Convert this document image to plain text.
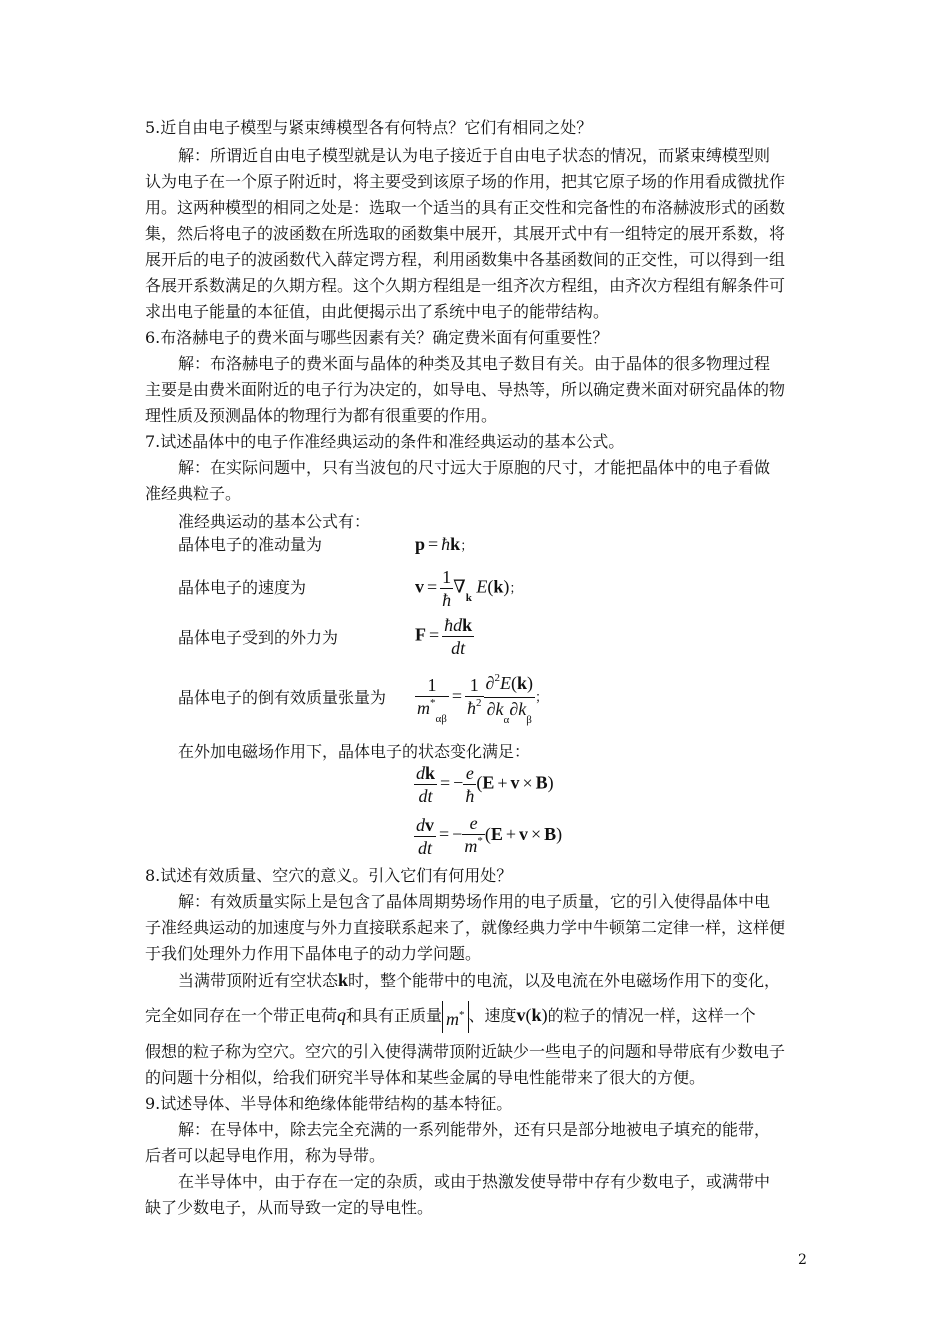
5.近自由电子模型与紧束缚模型各有何特点？它们有相同之处？
解：所谓近自由电子模型就是认为电子接近于自由电子状态的情况，而紧束缚模型则
认为电子在一个原子附近时，将主要受到该原子场的作用，把其它原子场的作用看成微扰作
用。这两种模型的相同之处是：选取一个适当的具有正交性和完备性的布洛赫波形式的函数
集，然后将电子的波函数在所选取的函数集中展开，其展开式中有一组特定的展开系数，将
展开后的电子的波函数代入薛定谔方程，利用函数集中各基函数间的正交性，可以得到一组
各展开系数满足的久期方程。这个久期方程组是一组齐次方程组，由齐次方程组有解条件可
求出电子能量的本征值，由此便揭示出了系统中电子的能带结构。
6.布洛赫电子的费米面与哪些因素有关？确定费米面有何重要性？
解：布洛赫电子的费米面与晶体的种类及其电子数目有关。由于晶体的很多物理过程
主要是由费米面附近的电子行为决定的，如导电、导热等，所以确定费米面对研究晶体的物
理性质及预测晶体的物理行为都有很重要的作用。
7.试述晶体中的电子作准经典运动的条件和准经典运动的基本公式。
解：在实际问题中，只有当波包的尺寸远大于原胞的尺寸，才能把晶体中的电子看做
准经典粒子。
准经典运动的基本公式有：
晶体电子的准动量为	p = ħk；
晶体电子的速度为	$v = \frac{1}{ħ} \nabla_k$ E(k)；
晶体电子受到的外力为	$F = \frac{\text{ħdk}}{dt}$
晶体电子的倒有效质量张量为 $\frac{1}{m^*_{\alpha\beta}} = \frac{1}{ħ^2} \frac{\partial^2E(k)}{\partial k_\alpha\partial k_\beta}$ ；
在外加电磁场作用下，晶体电子的状态变化满足：
$\frac{dk}{dt}$ = − $\frac{e}{ħ} (E + v \times B)$
$\frac{dv}{dt}$ = − $\frac{e}{m^*} (E + v \times B)$
8.试述有效质量、空穴的意义。引入它们有何用处？
解：有效质量实际上是包含了晶体周期势场作用的电子质量，它的引入使得晶体中电
子准经典运动的加速度与外力直接联系起来了，就像经典力学中牛顿第二定律一样，这样便
于我们处理外力作用下晶体电子的动力学问题。
当满带顶附近有空状态k时，整个能带中的电流，以及电流在外电磁场作用下的变化，
完全如同存在一个带正电荷q和具有正质量 m* 、速度v(k)的粒子的情况一样，这样一个
假想的粒子称为空穴。空穴的引入使得满带顶附近缺少一些电子的问题和导带底有少数电子
的问题十分相似，给我们研究半导体和某些金属的导电性能带来了很大的方便。
9.试述导体、半导体和绝缘体能带结构的基本特征。
解：在导体中，除去完全充满的一系列能带外，还有只是部分地被电子填充的能带，
后者可以起导电作用，称为导带。
在半导体中，由于存在一定的杂质，或由于热激发使导带中存有少数电子，或满带中
缺了少数电子，从而导致一定的导电性。
2
